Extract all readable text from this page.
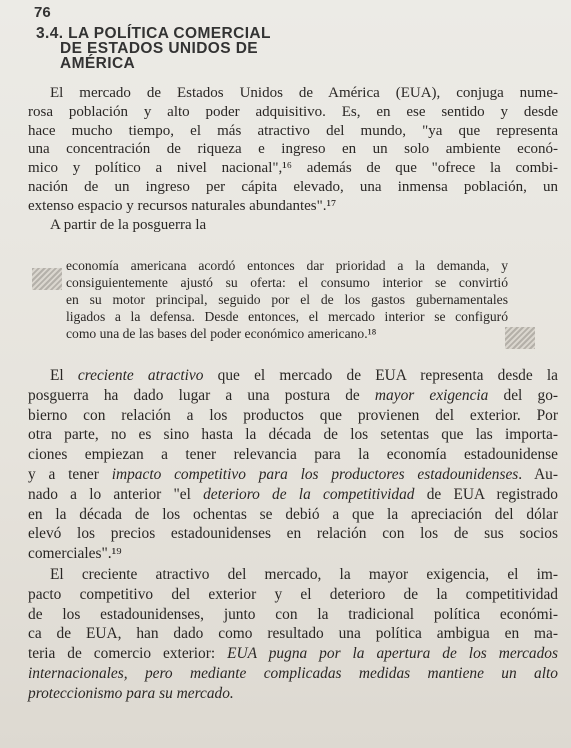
76
3.4. LA POLÍTICA COMERCIAL
DE ESTADOS UNIDOS DE
AMÉRICA
El mercado de Estados Unidos de América (EUA), conjuga nume-
rosa población y alto poder adquisitivo. Es, en ese sentido y desde
hace mucho tiempo, el más atractivo del mundo, "ya que representa
una concentración de riqueza e ingreso en un solo ambiente econó-
mico y político a nivel nacional",¹⁶ además de que "ofrece la combi-
nación de un ingreso per cápita elevado, una inmensa población, un
extenso espacio y recursos naturales abundantes".¹⁷
A partir de la posguerra la
economía americana acordó entonces dar prioridad a la demanda, y
consiguientemente ajustó su oferta: el consumo interior se convirtió
en su motor principal, seguido por el de los gastos gubernamentales
ligados a la defensa. Desde entonces, el mercado interior se configuró
como una de las bases del poder económico americano.¹⁸
El creciente atractivo que el mercado de EUA representa desde la
posguerra ha dado lugar a una postura de mayor exigencia del go-
bierno con relación a los productos que provienen del exterior. Por
otra parte, no es sino hasta la década de los setentas que las importa-
ciones empiezan a tener relevancia para la economía estadounidense
y a tener impacto competitivo para los productores estadounidenses. Au-
nado a lo anterior "el deterioro de la competitividad de EUA registrado
en la década de los ochentas se debió a que la apreciación del dólar
elevó los precios estadounidenses en relación con los de sus socios
comerciales".¹⁹
El creciente atractivo del mercado, la mayor exigencia, el im-
pacto competitivo del exterior y el deterioro de la competitividad
de los estadounidenses, junto con la tradicional política económi-
ca de EUA, han dado como resultado una política ambigua en ma-
teria de comercio exterior: EUA pugna por la apertura de los mercados
internacionales, pero mediante complicadas medidas mantiene un alto
proteccionismo para su mercado.
